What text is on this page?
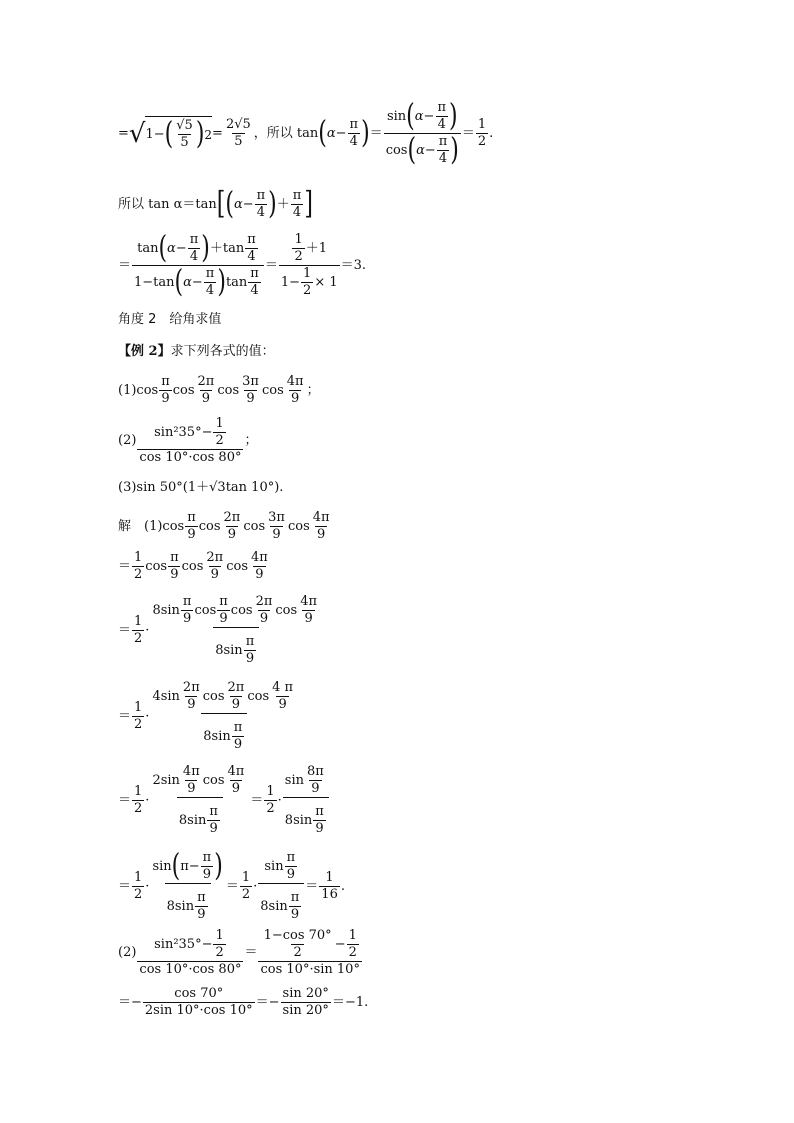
= √ 1− ( $\frac{√5}{5}$ ) $2 = \frac{2√5}{5}$ ，所以 tan ( $\alpha- \frac{\pi}{4}$ ) ＝ $\frac{\sin ( \alpha- \frac{\pi}{4} )}{\cos ( \alpha- \frac{\pi}{4} )} = \frac{1}{2}$ .
所以 tan α＝tan [ ( $\alpha- \frac{\pi}{4}$ ) ＋ $\frac{\pi}{4}$ ]
＝ $\frac{\tan ( \alpha- \frac{\pi}{4} ) +\tan \frac{\pi}{4}}{1-\tan ( \alpha- \frac{\pi}{4} ) \tan \frac{\pi}{4}} = \frac{\frac{1}{2} +1}{1- \frac{1}{2} \times 1} =3$.
角度 2　给角求值
【例 2】求下列各式的值：
$(1)\cos \frac{\pi}{9}$ $\cos \frac{2\pi}{9}$ $\cos \frac{3\pi}{9}$ $\cos \frac{4\pi}{9}$ ；
$(2) \frac{\sin^235^\circ- \frac{1}{2}}{\cos 10^\circ\cdot\cos 80^\circ}$ ；
(3)sin 50°(1＋√3tan 10°).
解　$(1)\cos \frac{\pi}{9}$ $\cos \frac{2\pi}{9}$ $\cos \frac{3\pi}{9}$ $\cos \frac{4\pi}{9}$
＝ $\frac{1}{2}$ $\cos \frac{\pi}{9}$ $\cos \frac{2\pi}{9}$ $\cos \frac{4\pi}{9}$
＝ $\frac{1}{2} \cdot \frac{8\sin \frac{\pi}{9} \cos \frac{\pi}{9} \cos \frac{2\pi}{9} \cos \frac{4\pi}{9}}{8\sin \frac{\pi}{9}}$
＝ $\frac{1}{2} \cdot \frac{4\sin \frac{2\pi}{9} \cos \frac{2\pi}{9} \cos \frac{4 \pi}{9}}{8\sin \frac{\pi}{9}}$
＝ $\frac{1}{2} \cdot \frac{2\sin \frac{4\pi}{9} \cos \frac{4\pi}{9}}{8\sin \frac{\pi}{9}} = \frac{1}{2} \cdot \frac{\sin \frac{8\pi}{9}}{8\sin \frac{\pi}{9}}$
＝ $\frac{1}{2} \cdot \frac{\sin ( \pi- \frac{\pi}{9} )}{8\sin \frac{\pi}{9}} = \frac{1}{2} \cdot \frac{\sin \frac{\pi}{9}}{8\sin \frac{\pi}{9}} = \frac{1}{16}$ .
$(2) \frac{\sin^235^\circ- \frac{1}{2}}{\cos 10^\circ\cdot\cos 80^\circ} = \frac{\frac{1-\cos 70^\circ}{2} - \frac{1}{2}}{\cos 10^\circ\cdot\sin 10^\circ}$
＝− $\frac{\cos 70^\circ}{2\sin 10^\circ\cdot\cos 10^\circ} =- \frac{\sin 20^\circ}{\sin 20^\circ} =-1$.
